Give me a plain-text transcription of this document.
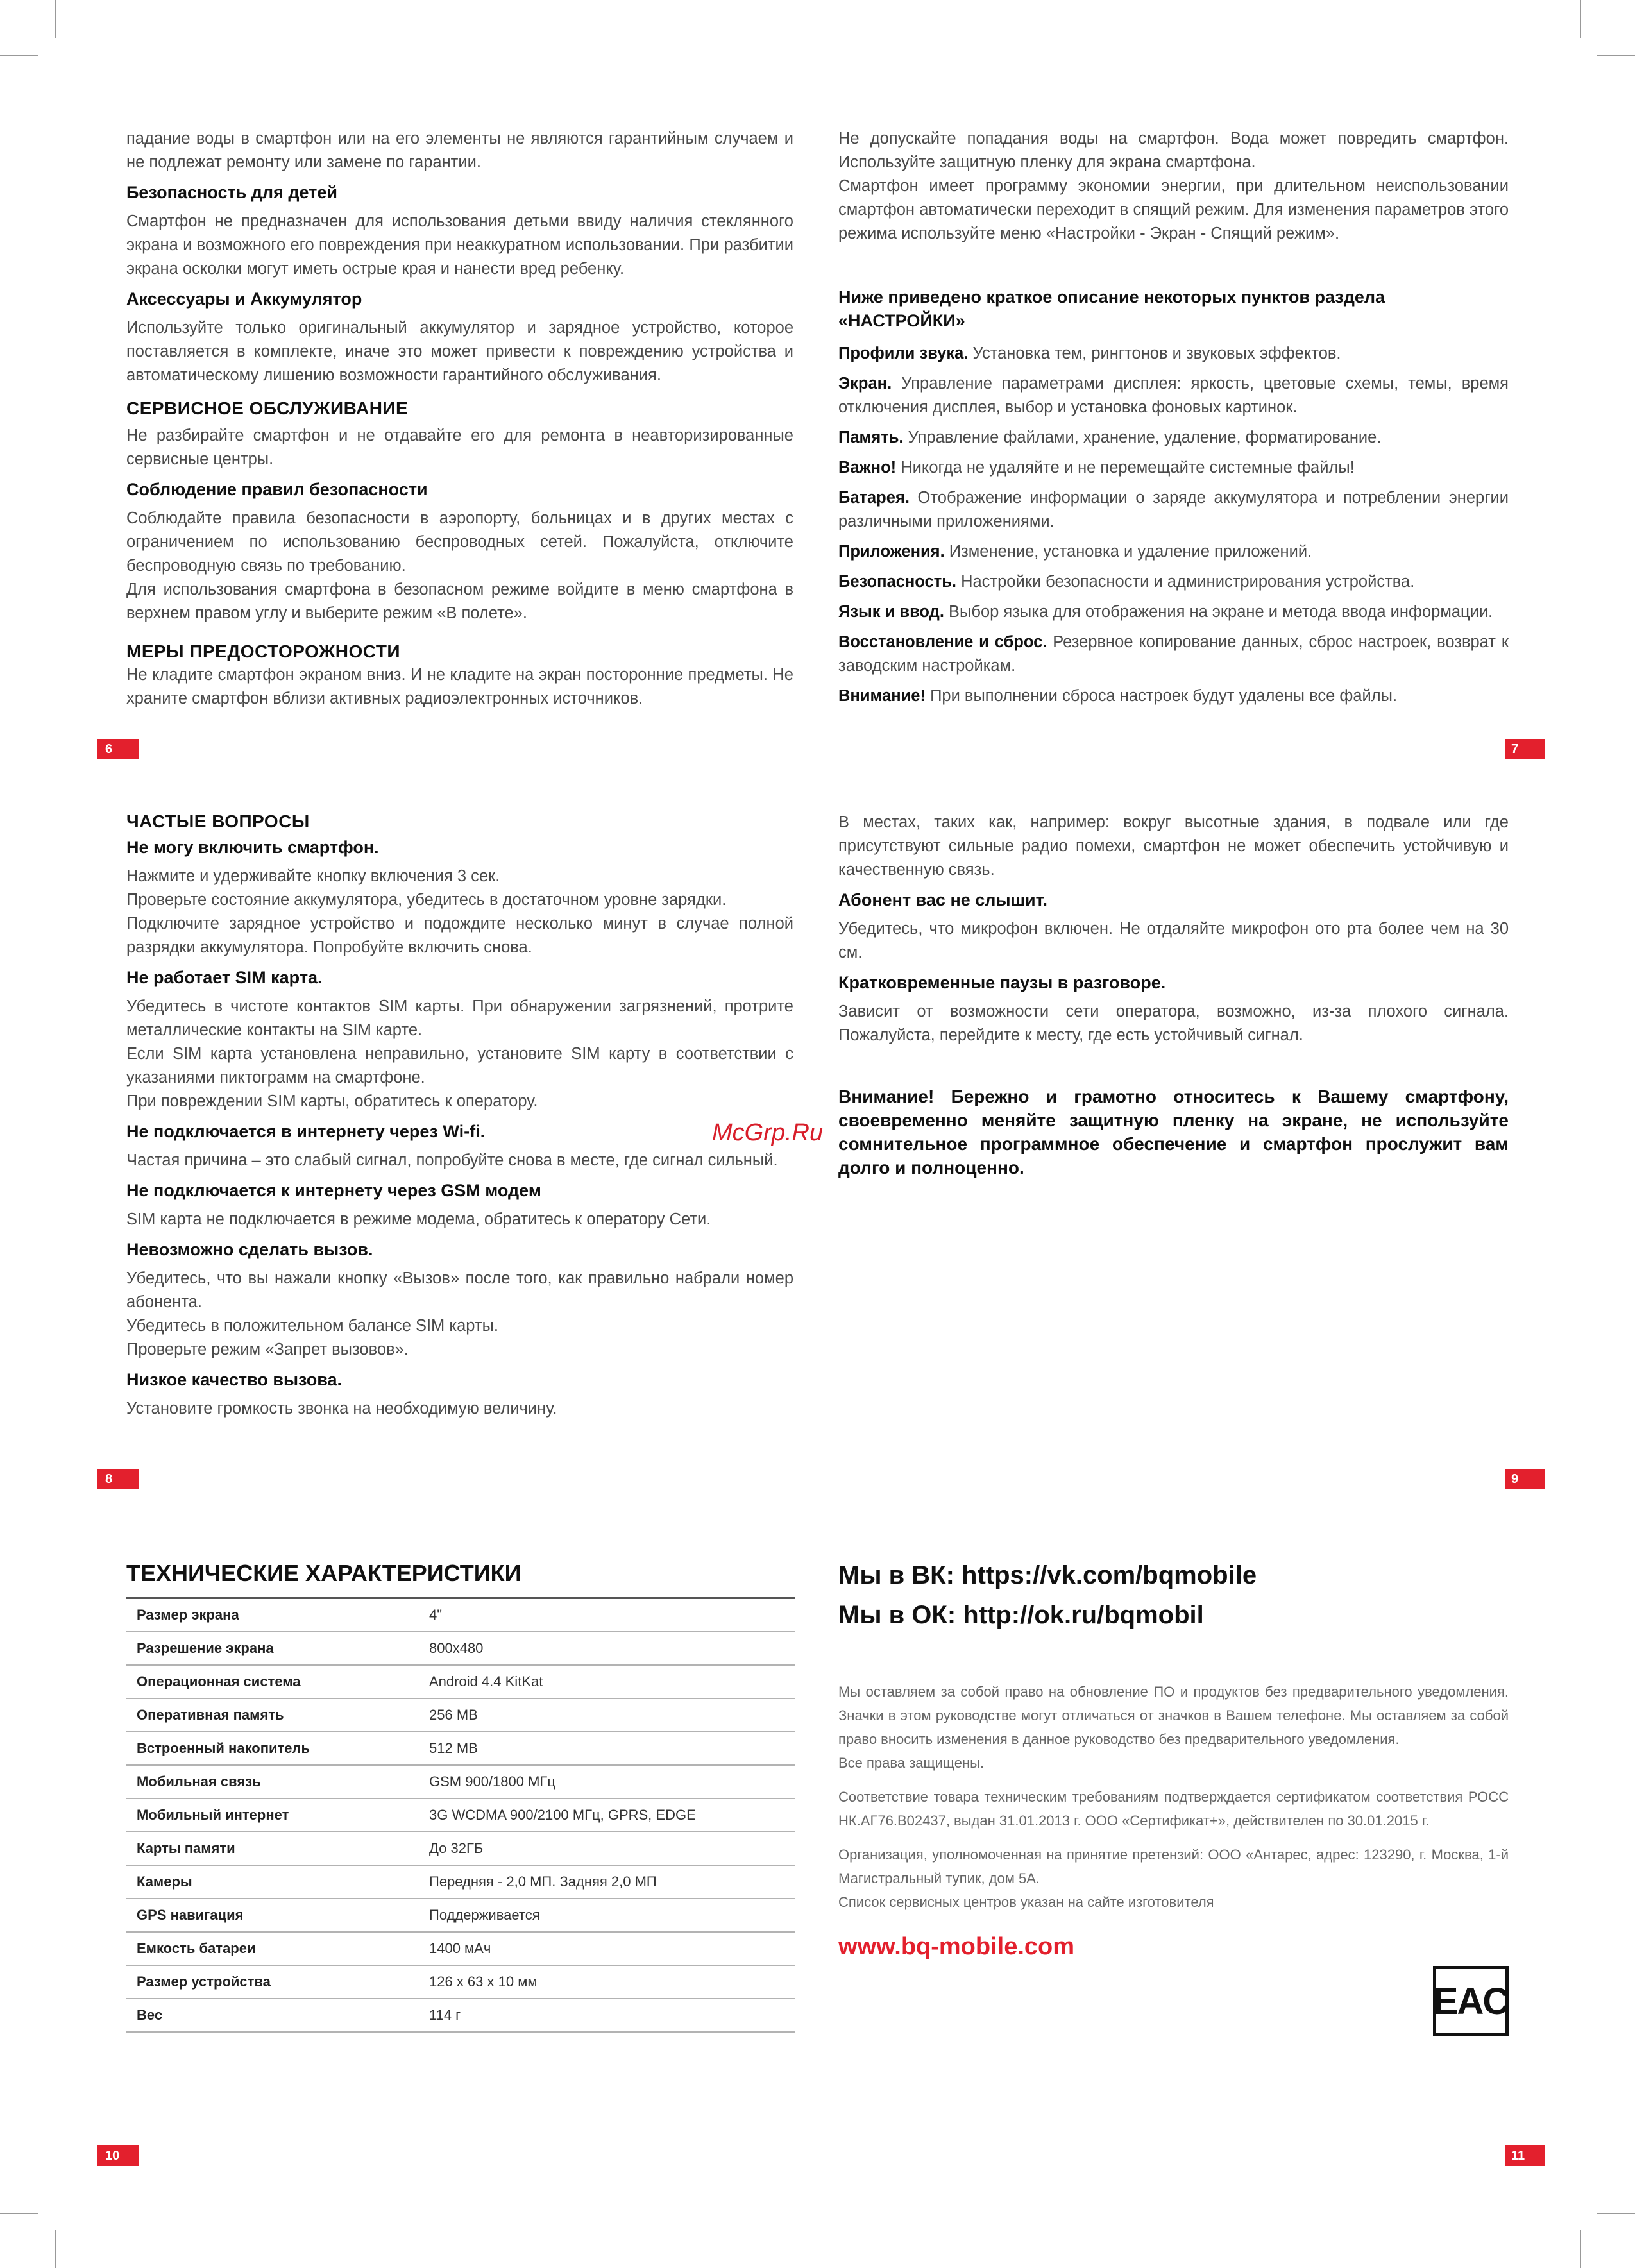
падание воды в смартфон или на его элементы не являются гарантийным случаем и не подлежат ремонту или замене по гарантии.

Безопасность для детей

Смартфон не предназначен для использования детьми ввиду наличия стеклянного экрана и возможного его повреждения при неаккуратном использовании. При разбитии экрана осколки могут иметь острые края и нанести вред ребенку.

Аксессуары и Аккумулятор

Используйте только оригинальный аккумулятор и зарядное устройство, которое поставляется в комплекте, иначе это может привести к повреждению устройства и автоматическому лишению возможности гарантийного обслуживания.

СЕРВИСНОЕ ОБСЛУЖИВАНИЕ

Не разбирайте смартфон и не отдавайте его для ремонта в неавторизированные сервисные центры.

Соблюдение правил безопасности

Соблюдайте правила безопасности в аэропорту, больницах и в других местах с ограничением по использованию беспроводных сетей. Пожалуйста, отключите беспроводную связь по требованию.

Для использования смартфона в безопасном режиме войдите в меню смартфона в верхнем правом углу и выберите режим «В полете».

МЕРЫ ПРЕДОСТОРОЖНОСТИ

Не кладите смартфон экраном вниз. И не кладите на экран посторонние предметы. Не храните смартфон вблизи активных радиоэлектронных источников.

6

Не допускайте попадания воды на смартфон. Вода может повредить смартфон. Используйте защитную пленку для экрана смартфона.

Смартфон имеет программу экономии энергии, при длительном неиспользовании смартфон автоматически переходит в спящий режим. Для изменения параметров этого режима используйте меню «Настройки - Экран - Спящий режим».

Ниже приведено краткое описание некоторых пунктов раздела «НАСТРОЙКИ»

Профили звука. Установка тем, рингтонов и звуковых эффектов.

Экран. Управление параметрами дисплея: яркость, цветовые схемы, темы, время отключения дисплея, выбор и установка фоновых картинок.

Память. Управление файлами, хранение, удаление, форматирование.

Важно! Никогда не удаляйте и не перемещайте системные файлы!

Батарея. Отображение информации о заряде аккумулятора и потреблении энергии различными приложениями.

Приложения. Изменение, установка и удаление приложений.

Безопасность. Настройки безопасности и администрирования устройства.

Язык и ввод. Выбор языка для отображения на экране и метода ввода информации.

Восстановление и сброс. Резервное копирование данных, сброс настроек, возврат к заводским настройкам.

Внимание! При выполнении сброса настроек будут удалены все файлы.

7
ЧАСТЫЕ ВОПРОСЫ
Не могу включить смартфон.

Нажмите и удерживайте кнопку включения 3 сек.

Проверьте состояние аккумулятора, убедитесь в достаточном уровне зарядки.

Подключите зарядное устройство и подождите несколько минут в случае полной разрядки аккумулятора. Попробуйте включить снова.

Не работает SIM карта.

Убедитесь в чистоте контактов SIM карты. При обнаружении загрязнений, протрите металлические контакты на SIM карте.

Если SIM карта установлена неправильно, установите SIM карту в соответствии с указаниями пиктограмм на смартфоне.

При повреждении SIM карты, обратитесь к оператору.

Не подключается в интернету через Wi-fi.

Частая причина – это слабый сигнал, попробуйте снова в месте, где сигнал сильный.

Не подключается к интернету через GSM модем

SIM карта не подключается в режиме модема, обратитесь к оператору Сети.

Невозможно сделать вызов.

Убедитесь, что вы нажали кнопку «Вызов» после того, как правильно набрали номер абонента.

Убедитесь в положительном балансе SIM карты.

Проверьте режим «Запрет вызовов».

Низкое качество вызова.

Установите громкость звонка на необходимую величину.

8

В местах, таких как, например: вокруг высотные здания, в подвале или где присутствуют сильные радио помехи, смартфон не может обеспечить устойчивую и качественную связь.

Абонент вас не слышит.

Убедитесь, что микрофон включен. Не отдаляйте микрофон ото рта более чем на 30 см.

Кратковременные паузы в разговоре.

Зависит от возможности сети оператора, возможно, из-за плохого сигнала. Пожалуйста, перейдите к месту, где есть устойчивый сигнал.

Внимание! Бережно и грамотно относитесь к Вашему смартфону, своевременно меняйте защитную пленку на экране, не используйте сомнительное программное обеспечение и смартфон прослужит вам долго и полноценно.

McGrp.Ru
9
ТЕХНИЧЕСКИЕ ХАРАКТЕРИСТИКИ
Размер экрана	4"
Разрешение экрана	800x480
Операционная система	Android 4.4 KitKat
Оперативная память	256 MB
Встроенный накопитель	512 MB
Мобильная связь	GSM 900/1800 МГц
Мобильный интернет	3G WCDMA 900/2100 МГц, GPRS, EDGE
Карты памяти	До 32ГБ
Камеры	Передняя - 2,0 МП. Задняя 2,0 МП
GPS навигация	Поддерживается
Емкость батареи	1400 мАч
Размер устройства	126 x 63 x 10 мм
Вес	114 г
10
Мы в ВК: https://vk.com/bqmobile
Мы в ОК: http://ok.ru/bqmobil

Мы оставляем за собой право на обновление ПО и продуктов без предварительного уведомления. Значки в этом руководстве могут отличаться от значков в Вашем телефоне. Мы оставляем за собой право вносить изменения в данное руководство без предварительного уведомления.

Все права защищены.

Соответствие товара техническим требованиям подтверждается сертификатом соответствия РОСС НК.АГ76.В02437, выдан 31.01.2013 г. ООО «Сертификат+», действителен по 30.01.2015 г.

Организация, уполномоченная на принятие претензий: ООО «Антарес, адрес: 123290, г. Москва, 1-й Магистральный тупик, дом 5А.

Список сервисных центров указан на сайте изготовителя

www.bq-mobile.com
EAC
11
